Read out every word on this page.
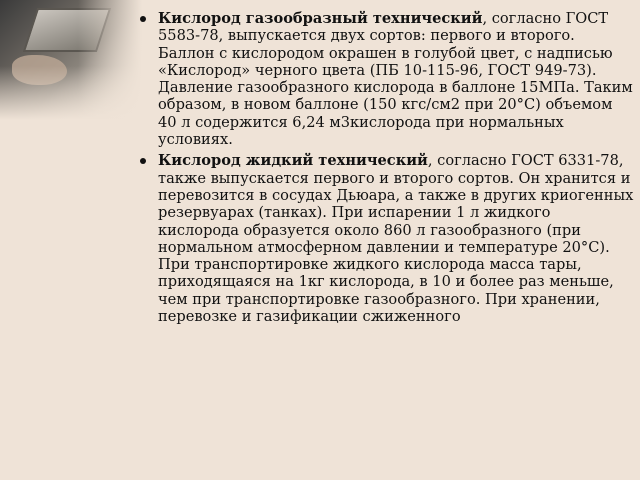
Кислород газообразный технический, согласно ГОСТ 5583-78, выпускается двух сортов: первого и второго. Баллон с кислородом окрашен в голубой цвет, с надписью «Кислород» черного цвета (ПБ 10-115-96, ГОСТ 949-73). Давление газообразного кислорода в баллоне 15МПа. Таким образом, в новом баллоне (150 кгс/см2 при 20°С) объемом 40 л содержится 6,24 м3кислорода при нормальных условиях.
Кислород жидкий технический, согласно ГОСТ 6331-78, также выпускается первого и второго сортов. Он хранится и перевозится в сосудах Дьюара, а также в других криогенных резервуарах (танках). При испарении 1 л жидкого кислорода образуется около 860 л газообразного (при нормальном атмосферном давлении и температуре 20°С). При транспортировке жидкого кислорода масса тары, приходящаяся на 1кг кислорода, в 10 и более раз меньше, чем при транспортировке газообразного. При хранении, перевозке и газификации сжиженного
